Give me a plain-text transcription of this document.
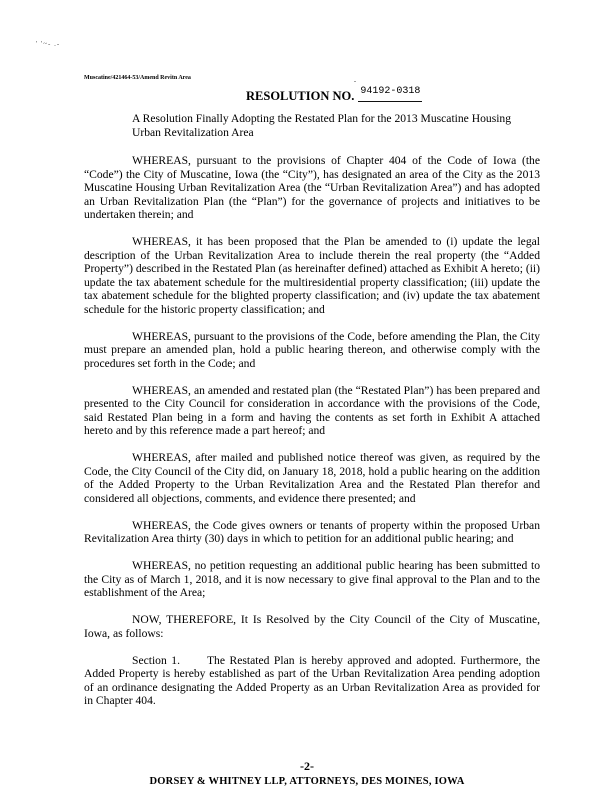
' '~- .-
.
Muscatine/421464-53/Amend Revitn Area
RESOLUTION NO. 94192-0318
A Resolution Finally Adopting the Restated Plan for the 2013 Muscatine Housing Urban Revitalization Area

WHEREAS, pursuant to the provisions of Chapter 404 of the Code of Iowa (the “Code”) the City of Muscatine, Iowa (the “City”), has designated an area of the City as the 2013 Muscatine Housing Urban Revitalization Area (the “Urban Revitalization Area”) and has adopted an Urban Revitalization Plan (the “Plan”) for the governance of projects and initiatives to be undertaken therein; and

WHEREAS, it has been proposed that the Plan be amended to (i) update the legal description of the Urban Revitalization Area to include therein the real property (the “Added Property”) described in the Restated Plan (as hereinafter defined) attached as Exhibit A hereto; (ii) update the tax abatement schedule for the multiresidential property classification; (iii) update the tax abatement schedule for the blighted property classification; and (iv) update the tax abatement schedule for the historic property classification; and

WHEREAS, pursuant to the provisions of the Code, before amending the Plan, the City must prepare an amended plan, hold a public hearing thereon, and otherwise comply with the procedures set forth in the Code; and

WHEREAS, an amended and restated plan (the “Restated Plan”) has been prepared and presented to the City Council for consideration in accordance with the provisions of the Code, said Restated Plan being in a form and having the contents as set forth in Exhibit A attached hereto and by this reference made a part hereof; and

WHEREAS, after mailed and published notice thereof was given, as required by the Code, the City Council of the City did, on January 18, 2018, hold a public hearing on the addition of the Added Property to the Urban Revitalization Area and the Restated Plan therefor and considered all objections, comments, and evidence there presented; and

WHEREAS, the Code gives owners or tenants of property within the proposed Urban Revitalization Area thirty (30) days in which to petition for an additional public hearing; and

WHEREAS, no petition requesting an additional public hearing has been submitted to the City as of March 1, 2018, and it is now necessary to give final approval to the Plan and to the establishment of the Area;

NOW, THEREFORE, It Is Resolved by the City Council of the City of Muscatine, Iowa, as follows:

Section 1.      The Restated Plan is hereby approved and adopted. Furthermore, the Added Property is hereby established as part of the Urban Revitalization Area pending adoption of an ordinance designating the Added Property as an Urban Revitalization Area as provided for in Chapter 404.

-2-
DORSEY & WHITNEY LLP, ATTORNEYS, DES MOINES, IOWA
